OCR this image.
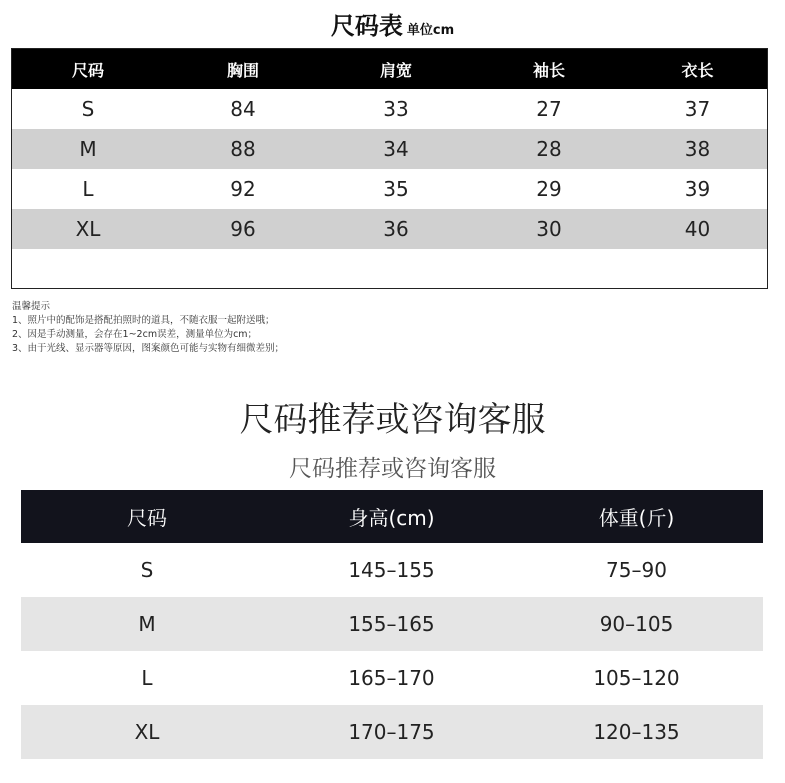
尺码表 单位cm
尺码	胸围	肩宽	袖长	衣长
S	84	33	27	37
M	88	34	28	38
L	92	35	29	39
XL	96	36	30	40
温馨提示
1、照片中的配饰是搭配拍照时的道具，不随衣服一起附送哦；
2、因是手动测量，会存在1~2cm误差，测量单位为cm；
3、由于光线、显示器等原因，图案颜色可能与实物有细微差别；
尺码推荐或咨询客服
尺码推荐或咨询客服
尺码	身高(cm)	体重(斤)
S	145–155	75–90
M	155–165	90–105
L	165–170	105–120
XL	170–175	120–135
